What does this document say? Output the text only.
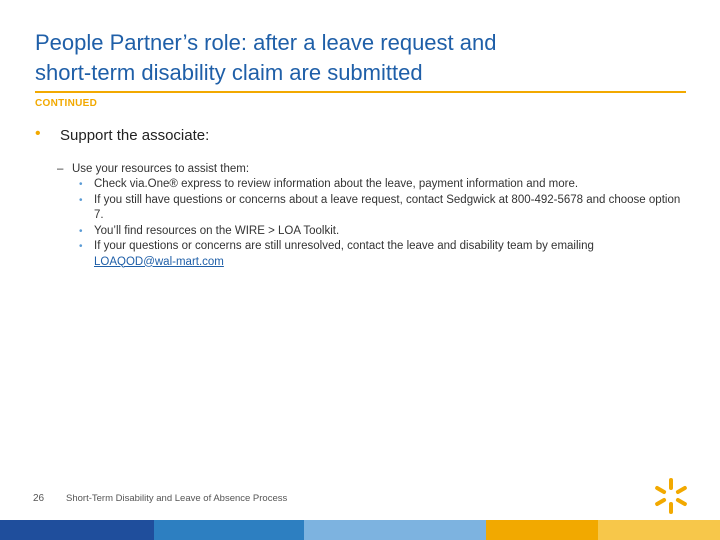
People Partner’s role: after a leave request and
short-term disability claim are submitted
CONTINUED
• Support the associate:
– Use your resources to assist them:
• Check via.One® express to review information about the leave, payment information and more.
• If you still have questions or concerns about a leave request, contact Sedgwick at 800-492-5678 and choose option 7.
• You’ll find resources on the WIRE > LOA Toolkit.
• If your questions or concerns are still unresolved, contact the leave and disability team by emailing
LOAQOD@wal-mart.com
26 Short-Term Disability and Leave of Absence Process
